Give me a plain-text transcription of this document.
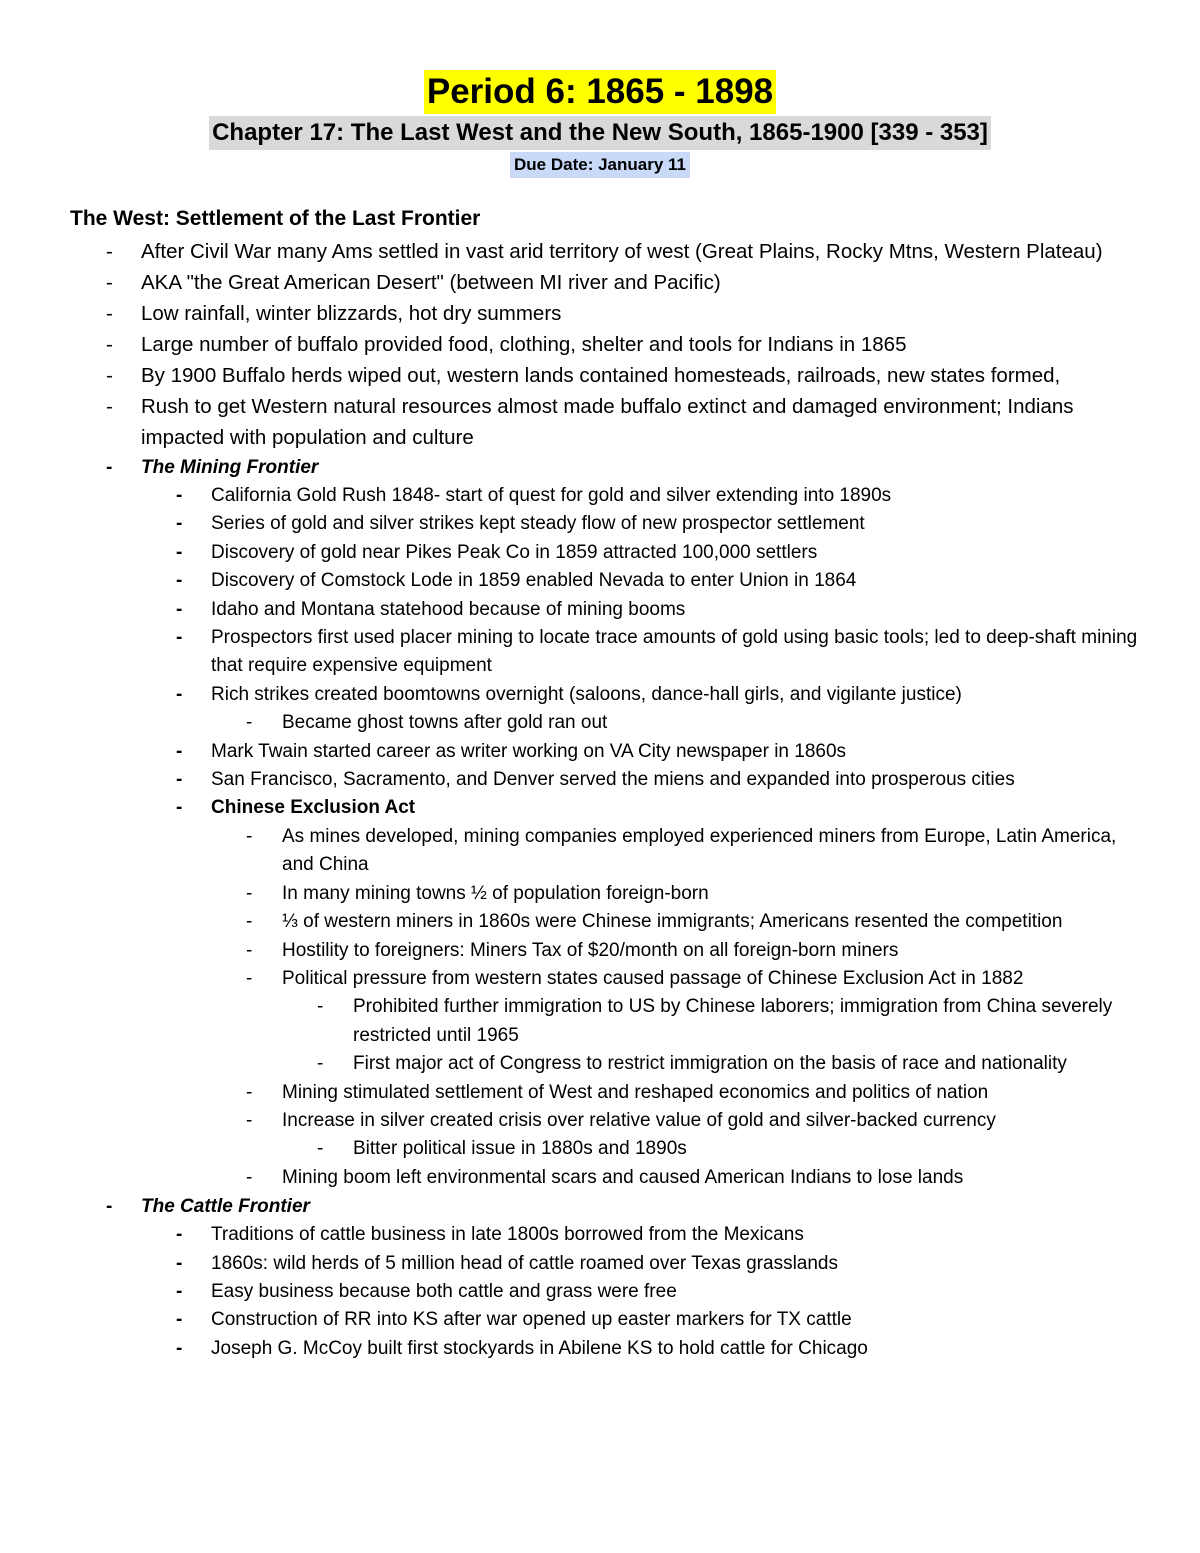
Period 6: 1865 - 1898
Chapter 17: The Last West and the New South, 1865-1900 [339 - 353]
Due Date: January 11
The West: Settlement of the Last Frontier
- After Civil War many Ams settled in vast arid territory of west (Great Plains, Rocky Mtns, Western Plateau)
- AKA "the Great American Desert" (between MI river and Pacific)
- Low rainfall, winter blizzards, hot dry summers
- Large number of buffalo provided food, clothing, shelter and tools for Indians in 1865
- By 1900 Buffalo herds wiped out, western lands contained homesteads, railroads, new states formed,
- Rush to get Western natural resources almost made buffalo extinct and damaged environment; Indians impacted with population and culture
- The Mining Frontier
- California Gold Rush 1848- start of quest for gold and silver extending into 1890s
- Series of gold and silver strikes kept steady flow of new prospector settlement
- Discovery of gold near Pikes Peak Co in 1859 attracted 100,000 settlers
- Discovery of Comstock Lode in 1859 enabled Nevada to enter Union in 1864
- Idaho and Montana statehood because of mining booms
- Prospectors first used placer mining to locate trace amounts of gold using basic tools; led to deep-shaft mining that require expensive equipment
- Rich strikes created boomtowns overnight (saloons, dance-hall girls, and vigilante justice)
- Became ghost towns after gold ran out
- Mark Twain started career as writer working on VA City newspaper in 1860s
- San Francisco, Sacramento, and Denver served the miens and expanded into prosperous cities
- Chinese Exclusion Act
- As mines developed, mining companies employed experienced miners from Europe, Latin America, and China
- In many mining towns ½ of population foreign-born
- ⅓ of western miners in 1860s were Chinese immigrants; Americans resented the competition
- Hostility to foreigners: Miners Tax of $20/month on all foreign-born miners
- Political pressure from western states caused passage of Chinese Exclusion Act in 1882
- Prohibited further immigration to US by Chinese laborers; immigration from China severely restricted until 1965
- First major act of Congress to restrict immigration on the basis of race and nationality
- Mining stimulated settlement of West and reshaped economics and politics of nation
- Increase in silver created crisis over relative value of gold and silver-backed currency
- Bitter political issue in 1880s and 1890s
- Mining boom left environmental scars and caused American Indians to lose lands
- The Cattle Frontier
- Traditions of cattle business in late 1800s borrowed from the Mexicans
- 1860s: wild herds of 5 million head of cattle roamed over Texas grasslands
- Easy business because both cattle and grass were free
- Construction of RR into KS after war opened up easter markers for TX cattle
- Joseph G. McCoy built first stockyards in Abilene KS to hold cattle for Chicago
